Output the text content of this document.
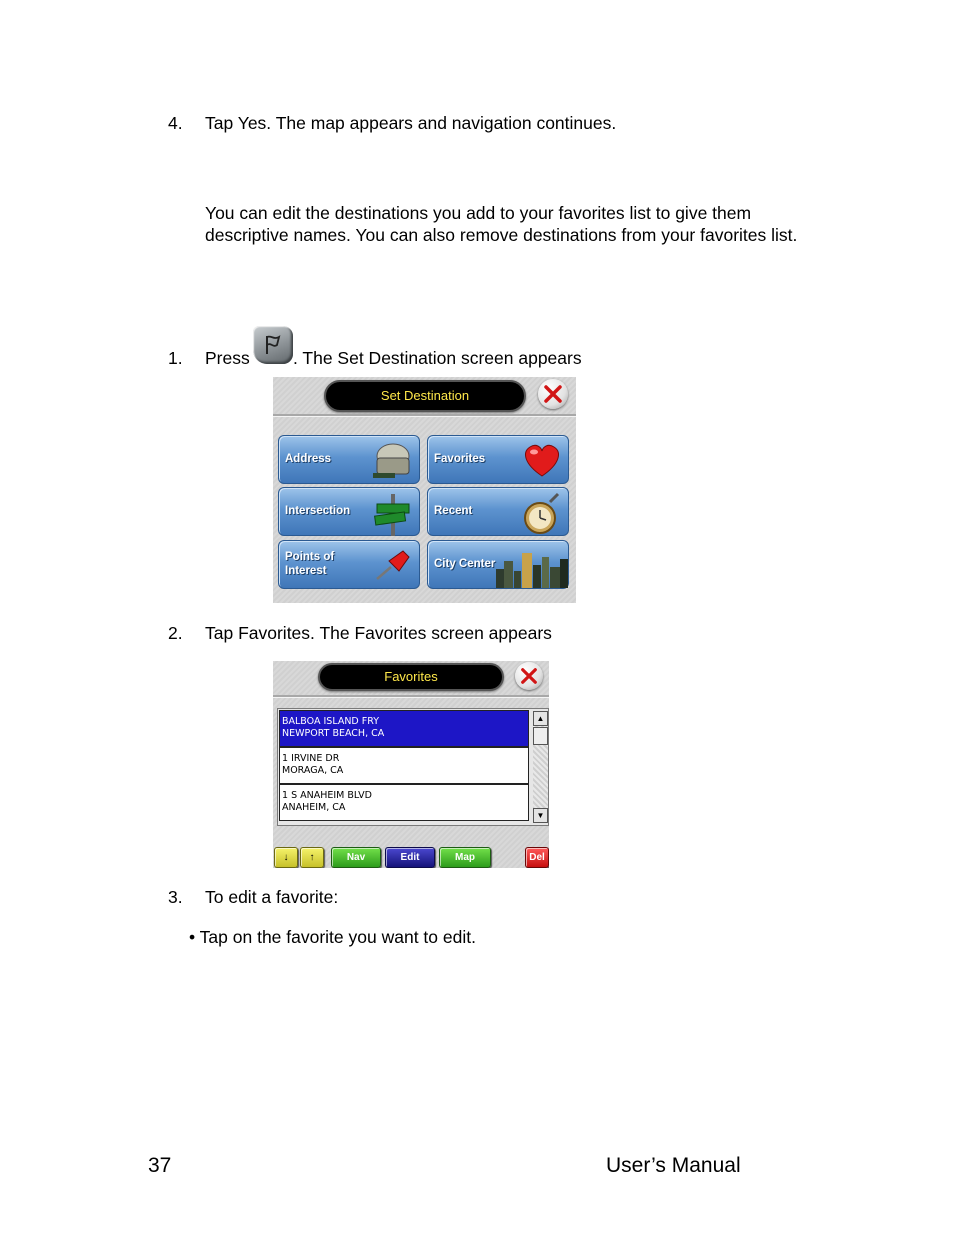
4. Tap Yes. The map appears and navigation continues.
You can edit the destinations you add to your favorites list to give them descriptive names. You can also remove destinations from your favorites list.
1. Press . The Set Destination screen appears
Set Destination
Address	Favorites
Intersection	Recent
Points of Interest
City Center
2. Tap Favorites. The Favorites screen appears
Favorites
BALBOA ISLAND FRY
NEWPORT BEACH, CA
1 IRVINE DR
MORAGA, CA
1 S ANAHEIM BLVD
ANAHEIM, CA
▲
▼
↓	↑	Nav	Edit	Map	Del
3. To edit a favorite:
• Tap on the favorite you want to edit.
37	User’s Manual
